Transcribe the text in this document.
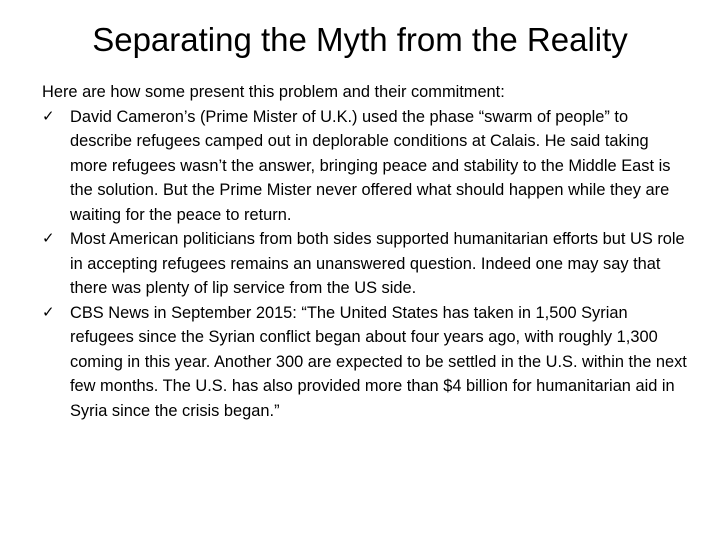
Separating the Myth from the Reality

Here are how some present this problem and their commitment:

✓ David Cameron’s (Prime Mister of U.K.) used the phase “swarm of people” to describe refugees camped out in deplorable conditions at Calais. He said taking more refugees wasn’t the answer, bringing peace and stability to the Middle East is the solution. But the Prime Mister never offered what should happen while they are waiting for the peace to return.
✓ Most American politicians from both sides supported humanitarian efforts but US role in accepting refugees remains an unanswered question. Indeed one may say that there was plenty of lip service from the US side.
✓ CBS News in September 2015: “The United States has taken in 1,500 Syrian refugees since the Syrian conflict began about four years ago, with roughly 1,300 coming in this year. Another 300 are expected to be settled in the U.S. within the next few months. The U.S. has also provided more than $4 billion for humanitarian aid in Syria since the crisis began.”
